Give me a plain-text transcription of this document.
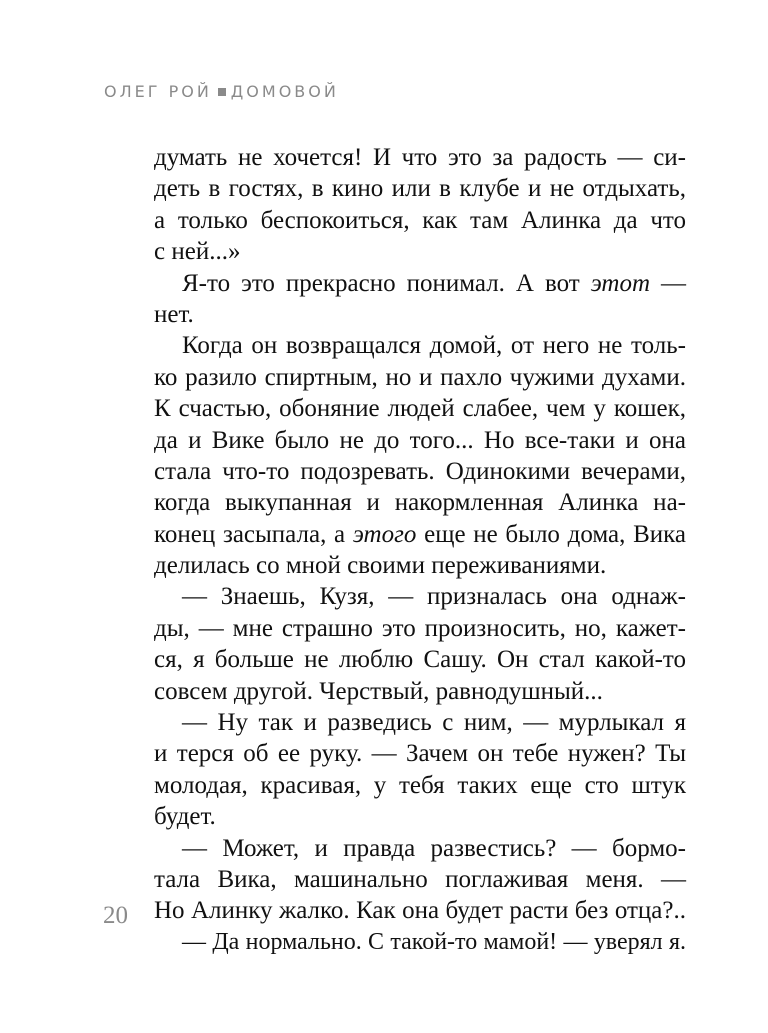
ОЛЕГ РОЙ ДОМОВОЙ
думать не хочется! И что это за радость — си-
деть в гостях, в кино или в клубе и не отдыхать,
а только беспокоиться, как там Алинка да что
с ней...»
Я-то это прекрасно понимал. А вот этот —
нет.
Когда он возвращался домой, от него не толь-
ко разило спиртным, но и пахло чужими духами.
К счастью, обоняние людей слабее, чем у кошек,
да и Вике было не до того... Но все-таки и она
стала что-то подозревать. Одинокими вечерами,
когда выкупанная и накормленная Алинка на-
конец засыпала, а этого еще не было дома, Вика
делилась со мной своими переживаниями.
— Знаешь, Кузя, — призналась она однаж-
ды, — мне страшно это произносить, но, кажет-
ся, я больше не люблю Сашу. Он стал какой-то
совсем другой. Черствый, равнодушный...
— Ну так и разведись с ним, — мурлыкал я
и терся об ее руку. — Зачем он тебе нужен? Ты
молодая, красивая, у тебя таких еще сто штук
будет.
— Может, и правда развестись? — бормо-
тала Вика, машинально поглаживая меня. —
Но Алинку жалко. Как она будет расти без отца?..
— Да нормально. С такой-то мамой! — уверял я.
20
